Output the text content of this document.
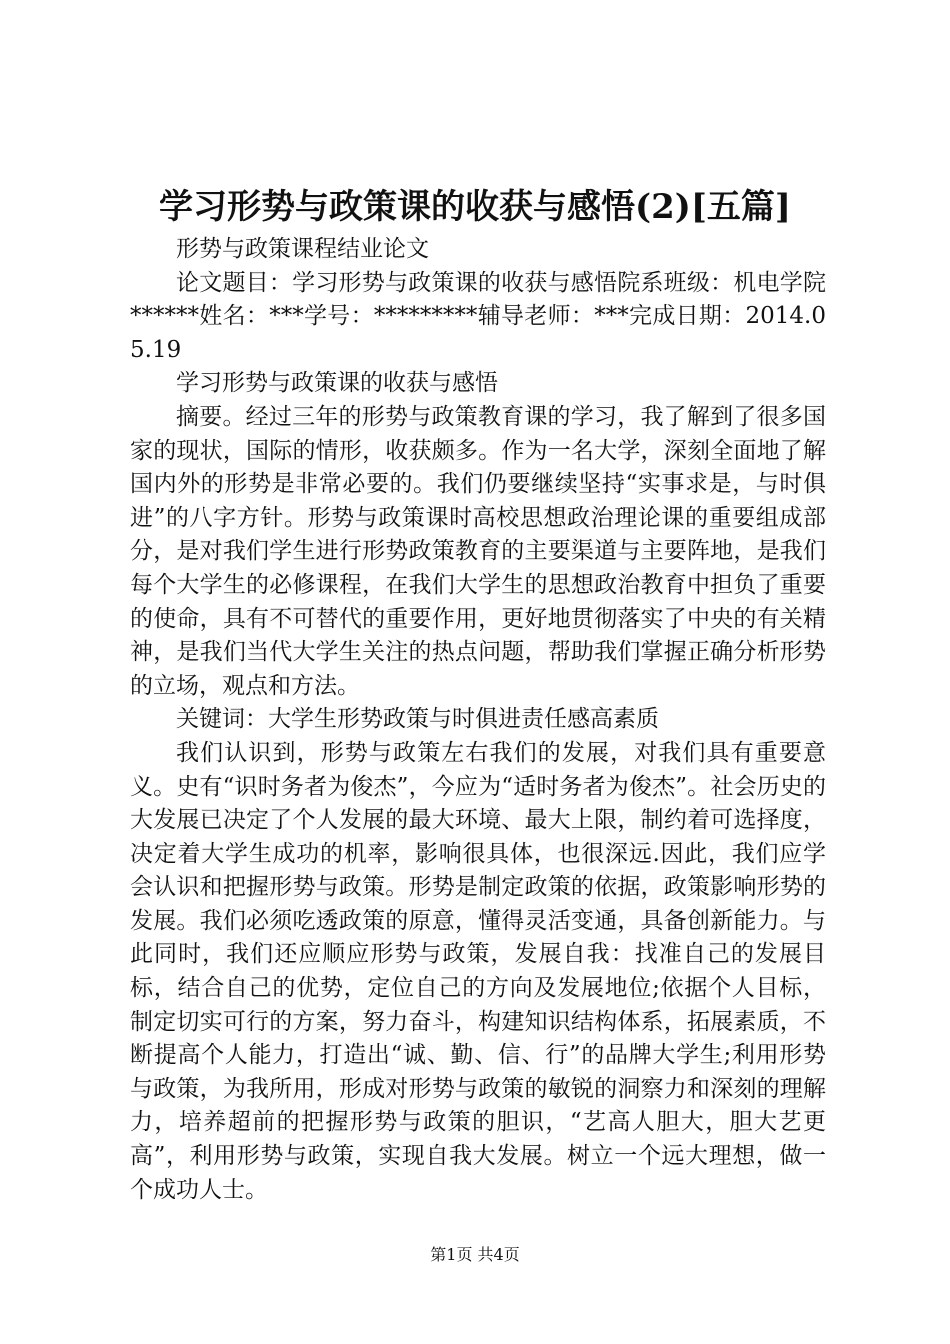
学习形势与政策课的收获与感悟(2)[五篇]

形势与政策课程结业论文

论文题目：学习形势与政策课的收获与感悟院系班级：机电学院******姓名：***学号：*********辅导老师：***完成日期：2014.05.19

学习形势与政策课的收获与感悟

摘要。经过三年的形势与政策教育课的学习，我了解到了很多国家的现状，国际的情形，收获颇多。作为一名大学，深刻全面地了解国内外的形势是非常必要的。我们仍要继续坚持“实事求是，与时俱进”的八字方针。形势与政策课时高校思想政治理论课的重要组成部分，是对我们学生进行形势政策教育的主要渠道与主要阵地，是我们每个大学生的必修课程，在我们大学生的思想政治教育中担负了重要的使命，具有不可替代的重要作用，更好地贯彻落实了中央的有关精神，是我们当代大学生关注的热点问题，帮助我们掌握正确分析形势的立场，观点和方法。

关键词：大学生形势政策与时俱进责任感高素质

我们认识到，形势与政策左右我们的发展，对我们具有重要意义。史有“识时务者为俊杰”，今应为“适时务者为俊杰”。社会历史的大发展已决定了个人发展的最大环境、最大上限，制约着可选择度，决定着大学生成功的机率，影响很具体，也很深远.因此，我们应学会认识和把握形势与政策。形势是制定政策的依据，政策影响形势的发展。我们必须吃透政策的原意，懂得灵活变通，具备创新能力。与此同时，我们还应顺应形势与政策，发展自我：找准自己的发展目标，结合自己的优势，定位自己的方向及发展地位;依据个人目标，制定切实可行的方案，努力奋斗，构建知识结构体系，拓展素质，不断提高个人能力，打造出“诚、勤、信、行”的品牌大学生;利用形势与政策，为我所用，形成对形势与政策的敏锐的洞察力和深刻的理解力，培养超前的把握形势与政策的胆识，“艺高人胆大，胆大艺更高”，利用形势与政策，实现自我大发展。树立一个远大理想，做一个成功人士。

第1页 共4页
